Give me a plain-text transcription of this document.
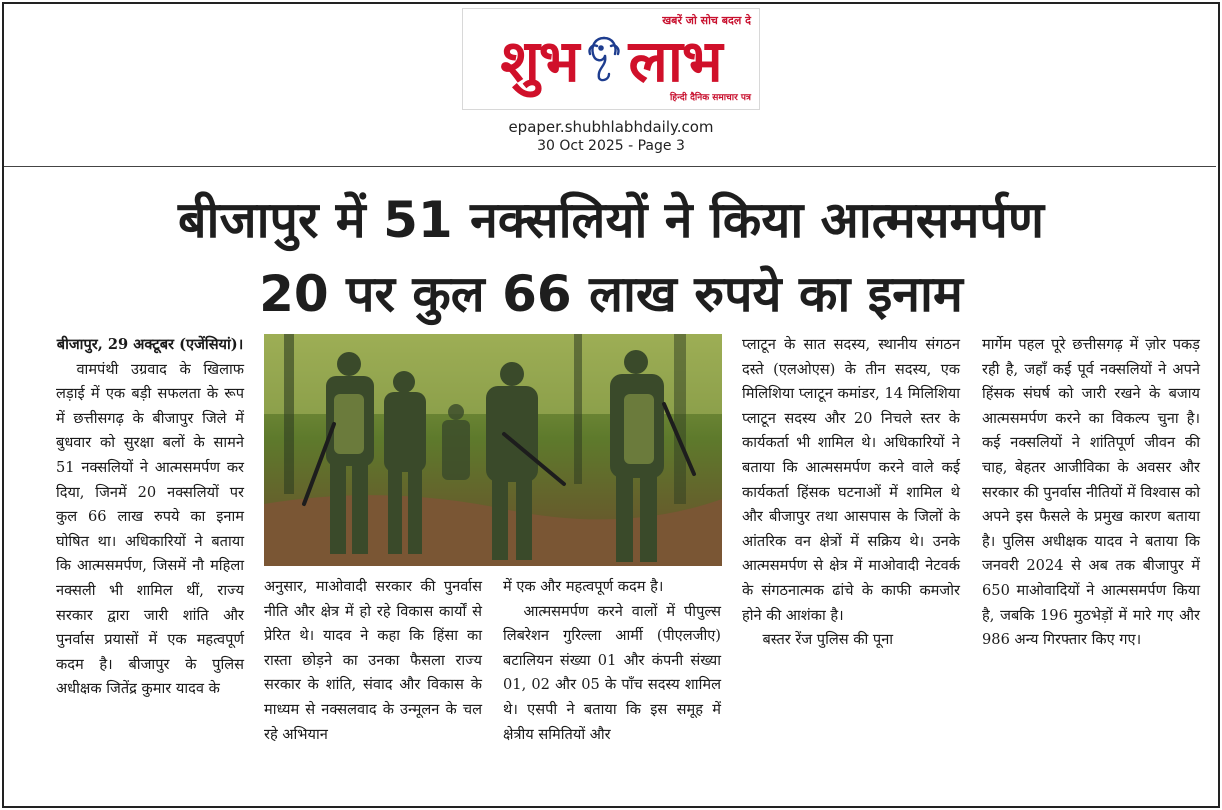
खबरें जो सोच बदल दे
शुभ लाभ
हिन्दी दैनिक समाचार पत्र
epaper.shubhlabhdaily.com
30 Oct 2025 - Page 3
बीजापुर में 51 नक्सलियों ने किया आत्मसमर्पण
20 पर कुल 66 लाख रुपये का इनाम

बीजापुर, 29 अक्टूबर (एजेंसियां)।

वामपंथी उग्रवाद के खिलाफ लड़ाई में एक बड़ी सफलता के रूप में छत्तीसगढ़ के बीजापुर जिले में बुधवार को सुरक्षा बलों के सामने 51 नक्सलियों ने आत्मसमर्पण कर दिया, जिनमें 20 नक्सलियों पर कुल 66 लाख रुपये का इनाम घोषित था। अधिकारियों ने बताया कि आत्मसमर्पण, जिसमें नौ महिला नक्सली भी शामिल थीं, राज्य सरकार द्वारा जारी शांति और पुनर्वास प्रयासों में एक महत्वपूर्ण कदम है। बीजापुर के पुलिस अधीक्षक जितेंद्र कुमार यादव के

अनुसार, माओवादी सरकार की पुनर्वास नीति और क्षेत्र में हो रहे विकास कार्यों से प्रेरित थे। यादव ने कहा कि हिंसा का रास्ता छोड़ने का उनका फैसला राज्य सरकार के शांति, संवाद और विकास के माध्यम से नक्सलवाद के उन्मूलन के चल रहे अभियान

में एक और महत्वपूर्ण कदम है।

आत्मसमर्पण करने वालों में पीपुल्स लिबरेशन गुरिल्ला आर्मी (पीएलजीए) बटालियन संख्या 01 और कंपनी संख्या 01, 02 और 05 के पाँच सदस्य शामिल थे। एसपी ने बताया कि इस समूह में क्षेत्रीय समितियों और

प्लाटून के सात सदस्य, स्थानीय संगठन दस्ते (एलओएस) के तीन सदस्य, एक मिलिशिया प्लाटून कमांडर, 14 मिलिशिया प्लाटून सदस्य और 20 निचले स्तर के कार्यकर्ता भी शामिल थे। अधिकारियों ने बताया कि आत्मसमर्पण करने वाले कई कार्यकर्ता हिंसक घटनाओं में शामिल थे और बीजापुर तथा आसपास के जिलों के आंतरिक वन क्षेत्रों में सक्रिय थे। उनके आत्मसमर्पण से क्षेत्र में माओवादी नेटवर्क के संगठनात्मक ढांचे के काफी कमजोर होने की आशंका है।

बस्तर रेंज पुलिस की पूना

मार्गेम पहल पूरे छत्तीसगढ़ में ज़ोर पकड़ रही है, जहाँ कई पूर्व नक्सलियों ने अपने हिंसक संघर्ष को जारी रखने के बजाय आत्मसमर्पण करने का विकल्प चुना है। कई नक्सलियों ने शांतिपूर्ण जीवन की चाह, बेहतर आजीविका के अवसर और सरकार की पुनर्वास नीतियों में विश्वास को अपने इस फैसले के प्रमुख कारण बताया है। पुलिस अधीक्षक यादव ने बताया कि जनवरी 2024 से अब तक बीजापुर में 650 माओवादियों ने आत्मसमर्पण किया है, जबकि 196 मुठभेड़ों में मारे गए और 986 अन्य गिरफ्तार किए गए।
